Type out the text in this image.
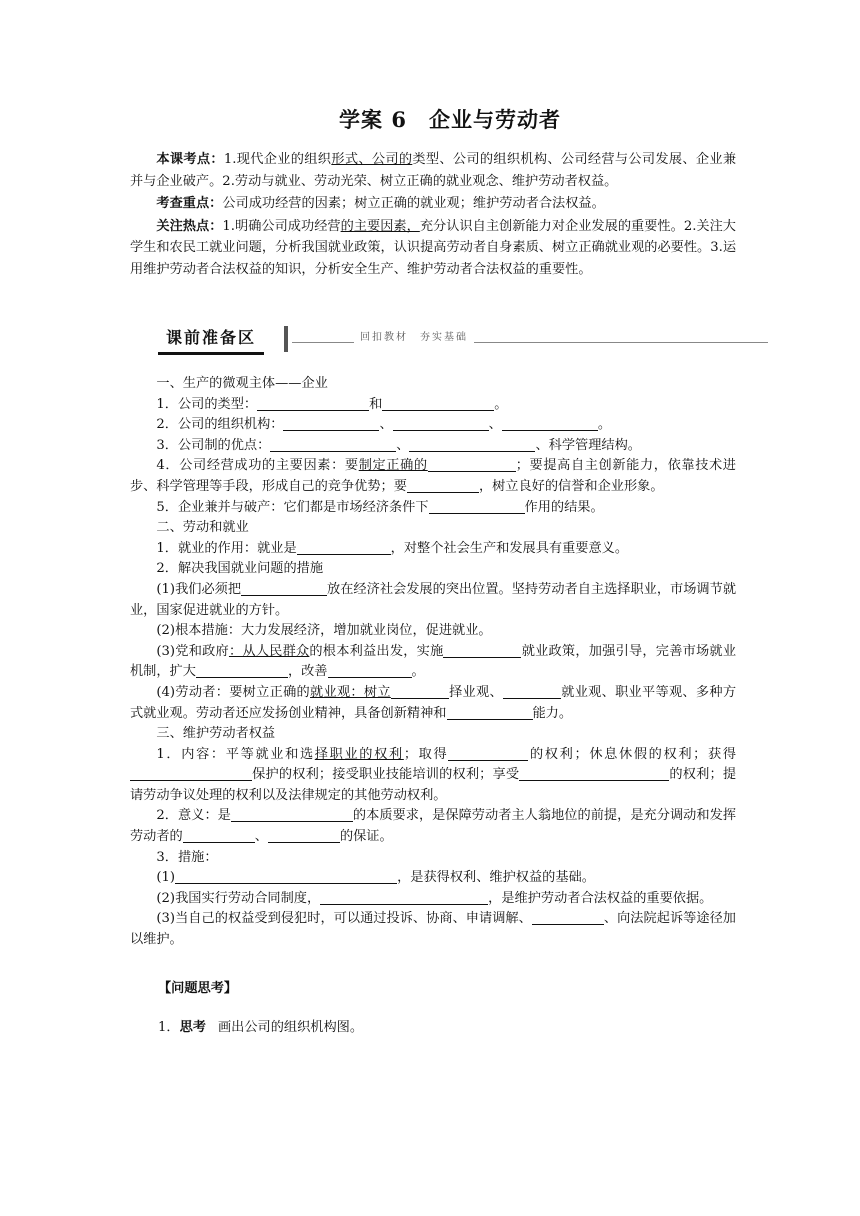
学案 6 企业与劳动者

本课考点：1.现代企业的组织形式、公司的类型、公司的组织机构、公司经营与公司发展、企业兼并与企业破产。2.劳动与就业、劳动光荣、树立正确的就业观念、维护劳动者权益。

考查重点：公司成功经营的因素；树立正确的就业观；维护劳动者合法权益。

关注热点：1.明确公司成功经营的主要因素，充分认识自主创新能力对企业发展的重要性。2.关注大学生和农民工就业问题，分析我国就业政策，认识提高劳动者自身素质、树立正确就业观的必要性。3.运用维护劳动者合法权益的知识，分析安全生产、维护劳动者合法权益的重要性。

课前准备区	回扣教材　夯实基础

一、生产的微观主体——企业

1．公司的类型：	和	。

2．公司的组织机构：	、	、	。

3．公司制的优点：	、	、科学管理结构。

4．公司经营成功的主要因素：要制定正确的	；要提高自主创新能力，依靠技术进步、科学管理等手段，形成自己的竞争优势；要	，树立良好的信誉和企业形象。

5．企业兼并与破产：它们都是市场经济条件下	作用的结果。

二、劳动和就业

1．就业的作用：就业是	，对整个社会生产和发展具有重要意义。

2．解决我国就业问题的措施

(1)我们必须把	放在经济社会发展的突出位置。坚持劳动者自主选择职业，市场调节就业，国家促进就业的方针。

(2)根本措施：大力发展经济，增加就业岗位，促进就业。

(3)党和政府：从人民群众的根本利益出发，实施	就业政策，加强引导，完善市场就业机制，扩大	，改善	。

(4)劳动者：要树立正确的就业观：树立	择业观、	就业观、职业平等观、多种方式就业观。劳动者还应发扬创业精神，具备创新精神和	能力。

三、维护劳动者权益

1．内容：平等就业和选择职业的权利；取得	的权利；休息休假的权利；获得保护的权利；接受职业技能培训的权利；享受	的权利；提请劳动争议处理的权利以及法律规定的其他劳动权利。

2．意义：是	的本质要求，是保障劳动者主人翁地位的前提，是充分调动和发挥劳动者的	、	的保证。

3．措施：

(1)	，是获得权利、维护权益的基础。

(2)我国实行劳动合同制度，	，是维护劳动者合法权益的重要依据。

(3)当自己的权益受到侵犯时，可以通过投诉、协商、申请调解、	、向法院起诉等途径加以维护。

【问题思考】
1．思考 画出公司的组织机构图。
